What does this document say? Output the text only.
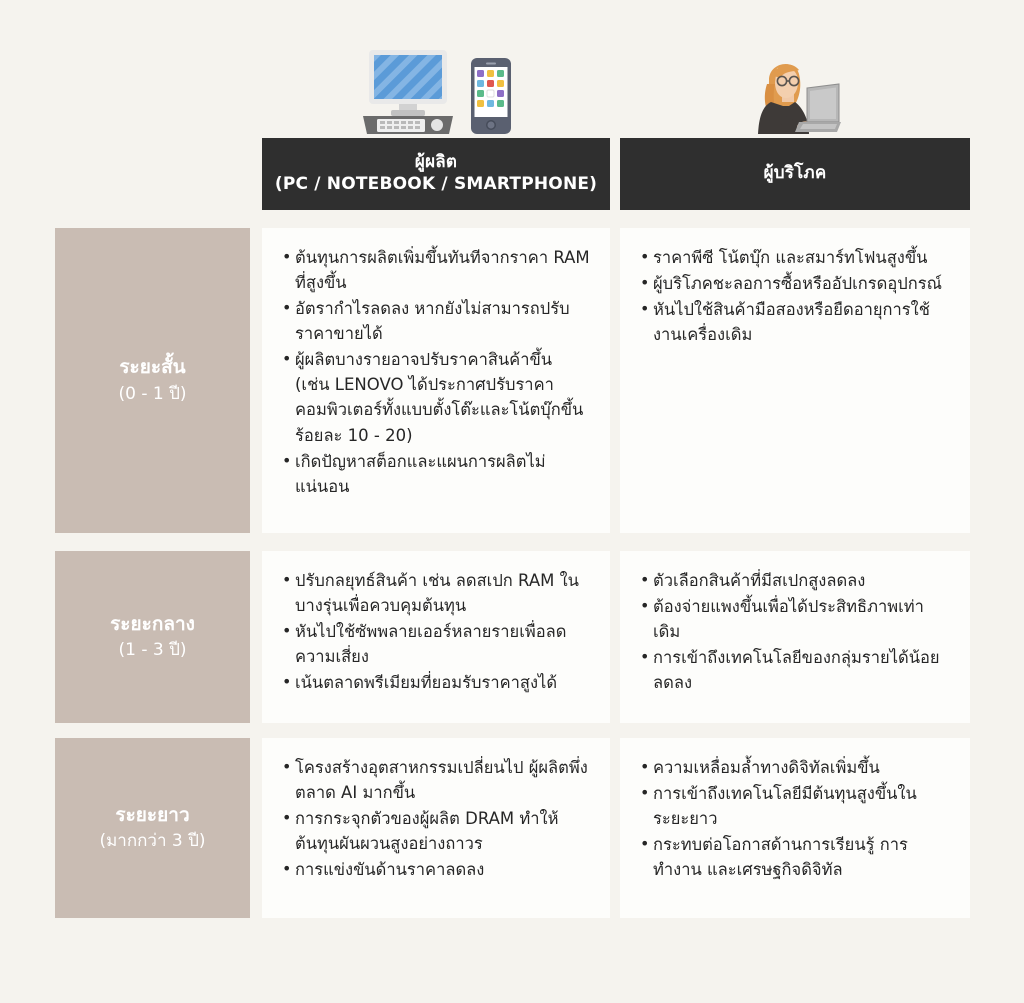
ผู้ผลิต
(PC / NOTEBOOK / SMARTPHONE)
ผู้บริโภค
ระยะสั้น
(0 - 1 ปี)
• ต้นทุนการผลิตเพิ่มขึ้นทันทีจากราคา RAM ที่สูงขึ้น
• อัตรากำไรลดลง หากยังไม่สามารถปรับราคาขายได้
• ผู้ผลิตบางรายอาจปรับราคาสินค้าขึ้น (เช่น LENOVO ได้ประกาศปรับราคาคอมพิวเตอร์ทั้งแบบตั้งโต๊ะและโน้ตบุ๊กขึ้นร้อยละ 10 - 20)
• เกิดปัญหาสต็อกและแผนการผลิตไม่แน่นอน
• ราคาพีซี โน้ตบุ๊ก และสมาร์ทโฟนสูงขึ้น
• ผู้บริโภคชะลอการซื้อหรืออัปเกรดอุปกรณ์
• หันไปใช้สินค้ามือสองหรือยืดอายุการใช้งานเครื่องเดิม
ระยะกลาง
(1 - 3 ปี)
• ปรับกลยุทธ์สินค้า เช่น ลดสเปก RAM ในบางรุ่นเพื่อควบคุมต้นทุน
• หันไปใช้ซัพพลายเออร์หลายรายเพื่อลดความเสี่ยง
• เน้นตลาดพรีเมียมที่ยอมรับราคาสูงได้
• ตัวเลือกสินค้าที่มีสเปกสูงลดลง
• ต้องจ่ายแพงขึ้นเพื่อได้ประสิทธิภาพเท่าเดิม
• การเข้าถึงเทคโนโลยีของกลุ่มรายได้น้อยลดลง
ระยะยาว
(มากกว่า 3 ปี)
• โครงสร้างอุตสาหกรรมเปลี่ยนไป ผู้ผลิตพึ่งตลาด AI มากขึ้น
• การกระจุกตัวของผู้ผลิต DRAM ทำให้ต้นทุนผันผวนสูงอย่างถาวร
• การแข่งขันด้านราคาลดลง
• ความเหลื่อมล้ำทางดิจิทัลเพิ่มขึ้น
• การเข้าถึงเทคโนโลยีมีต้นทุนสูงขึ้นในระยะยาว
• กระทบต่อโอกาสด้านการเรียนรู้ การทำงาน และเศรษฐกิจดิจิทัล
